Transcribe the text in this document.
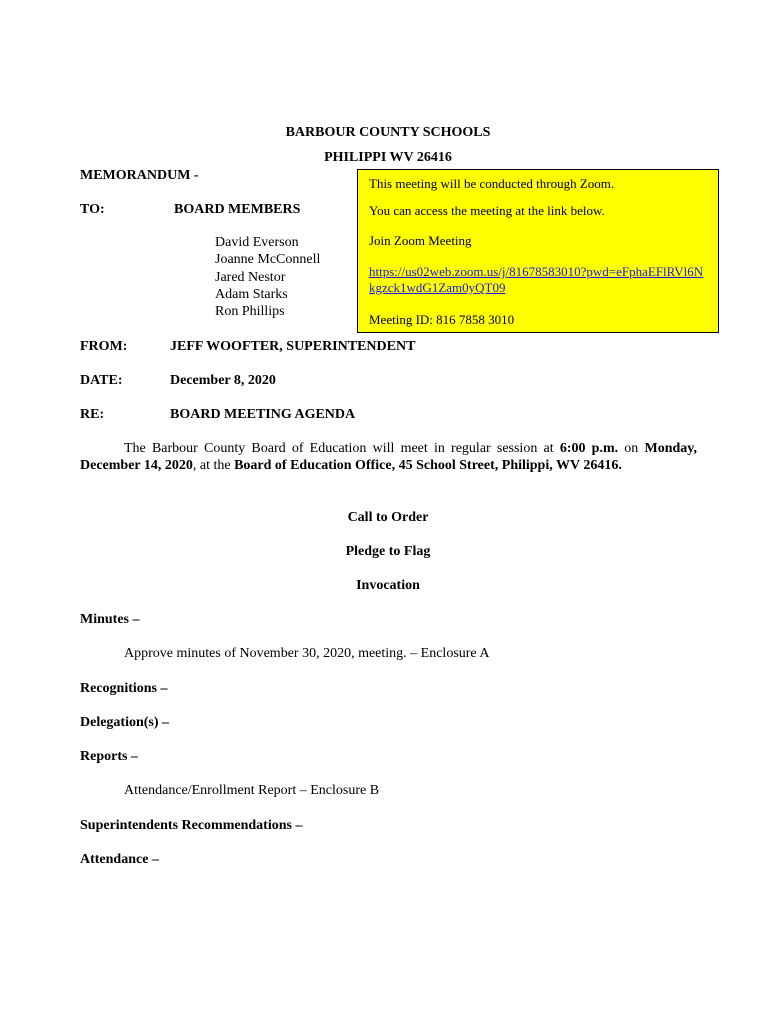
BARBOUR COUNTY SCHOOLS
PHILIPPI WV 26416
MEMORANDUM -
TO:	BOARD MEMBERS
David Everson
Joanne McConnell
Jared Nestor
Adam Starks
Ron Phillips
This meeting will be conducted through Zoom.
You can access the meeting at the link below.
Join Zoom Meeting
https://us02web.zoom.us/j/81678583010?pwd=eFphaEFlRVl6N
kgzck1wdG1Zam0yQT09
Meeting ID: 816 7858 3010
FROM:	JEFF WOOFTER, SUPERINTENDENT
DATE:	December 8, 2020
RE:	BOARD MEETING AGENDA
The Barbour County Board of Education will meet in regular session at 6:00 p.m. on Monday, December 14, 2020, at the Board of Education Office, 45 School Street, Philippi, WV 26416.
Call to Order
Pledge to Flag
Invocation
Minutes –
Approve minutes of November 30, 2020, meeting. – Enclosure A
Recognitions –
Delegation(s) –
Reports –
Attendance/Enrollment Report – Enclosure B
Superintendents Recommendations –
Attendance –
